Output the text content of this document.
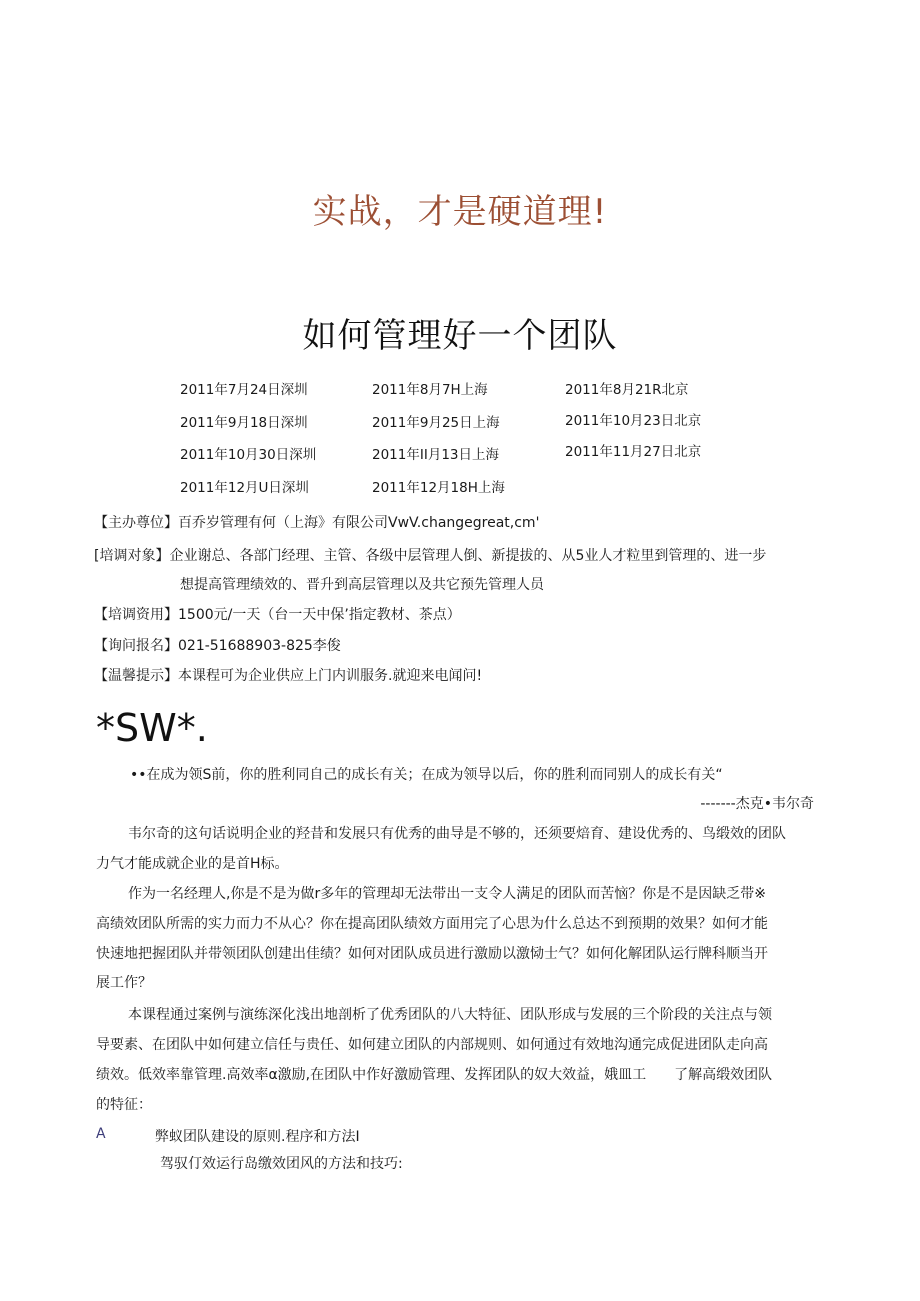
实战，才是硬道理!
如何管理好一个团队
2011年7月24日深圳	2011年8月7H上海	2011年8月21R北京
2011年9月18日深圳	2011年9月25日上海	2011年10月23日北京
2011年10月30日深圳	2011年II月13日上海	2011年11月27日北京
2011年12月U日深圳	2011年12月18H上海
【主办尊位】百乔岁管理有何（上海》有限公司VwV.changegreat,cm'
[培调对象】企业谢总、各部门经理、主管、各级中层管理人倒、新提拔的、从5业人才粒里到管理的、进一步
想提高管理绩效的、晋升到高层管理以及共它预先管理人员
【培调资用】1500元/一天（台一天中保’指定教材、茶点）
【询问报名】021-51688903-825李俊
【温馨提示】本课程可为企业供应上门内训服务.就迎来电闻问!
*SW*.
••在成为领S前，你的胜利同自己的成长有关；在成为领导以后，你的胜利而同别人的成长有关“
-------杰克•韦尔奇
韦尔奇的这句话说明企业的羟昔和发展只有优秀的曲导是不够的，还须要焙育、建设优秀的、鸟缎效的团队
力气才能成就企业的是首H标。
作为一名经理人,你是不是为做r多年的管理却无法带出一支令人满足的团队而苦恼？你是不是因缺乏带※
高绩效团队所需的实力而力不从心？你在提高团队绩效方面用完了心思为什么总达不到预期的效果？如何才能
快速地把握团队并带领团队创建出佳绩？如何对团队成员进行激励以激恸士气？如何化解团队运行牌科顺当开
展工作？
本课程通过案例与演练深化浅出地剖析了优秀团队的八大特征、团队形成与发展的三个阶段的关注点与领
导要素、在团队中如何建立信任与贵任、如何建立团队的内部规则、如何通过有效地沟通完成促进团队走向高
绩效。低效率靠管理.高效率α激励,在团队中作好激励管理、发挥团队的奴大效益，娥皿工　　了解高缎效团队
的特征：
A	弊蚁团队建设的原则.程序和方法I
驾驭仃效运行岛缴效团风的方法和技巧:
